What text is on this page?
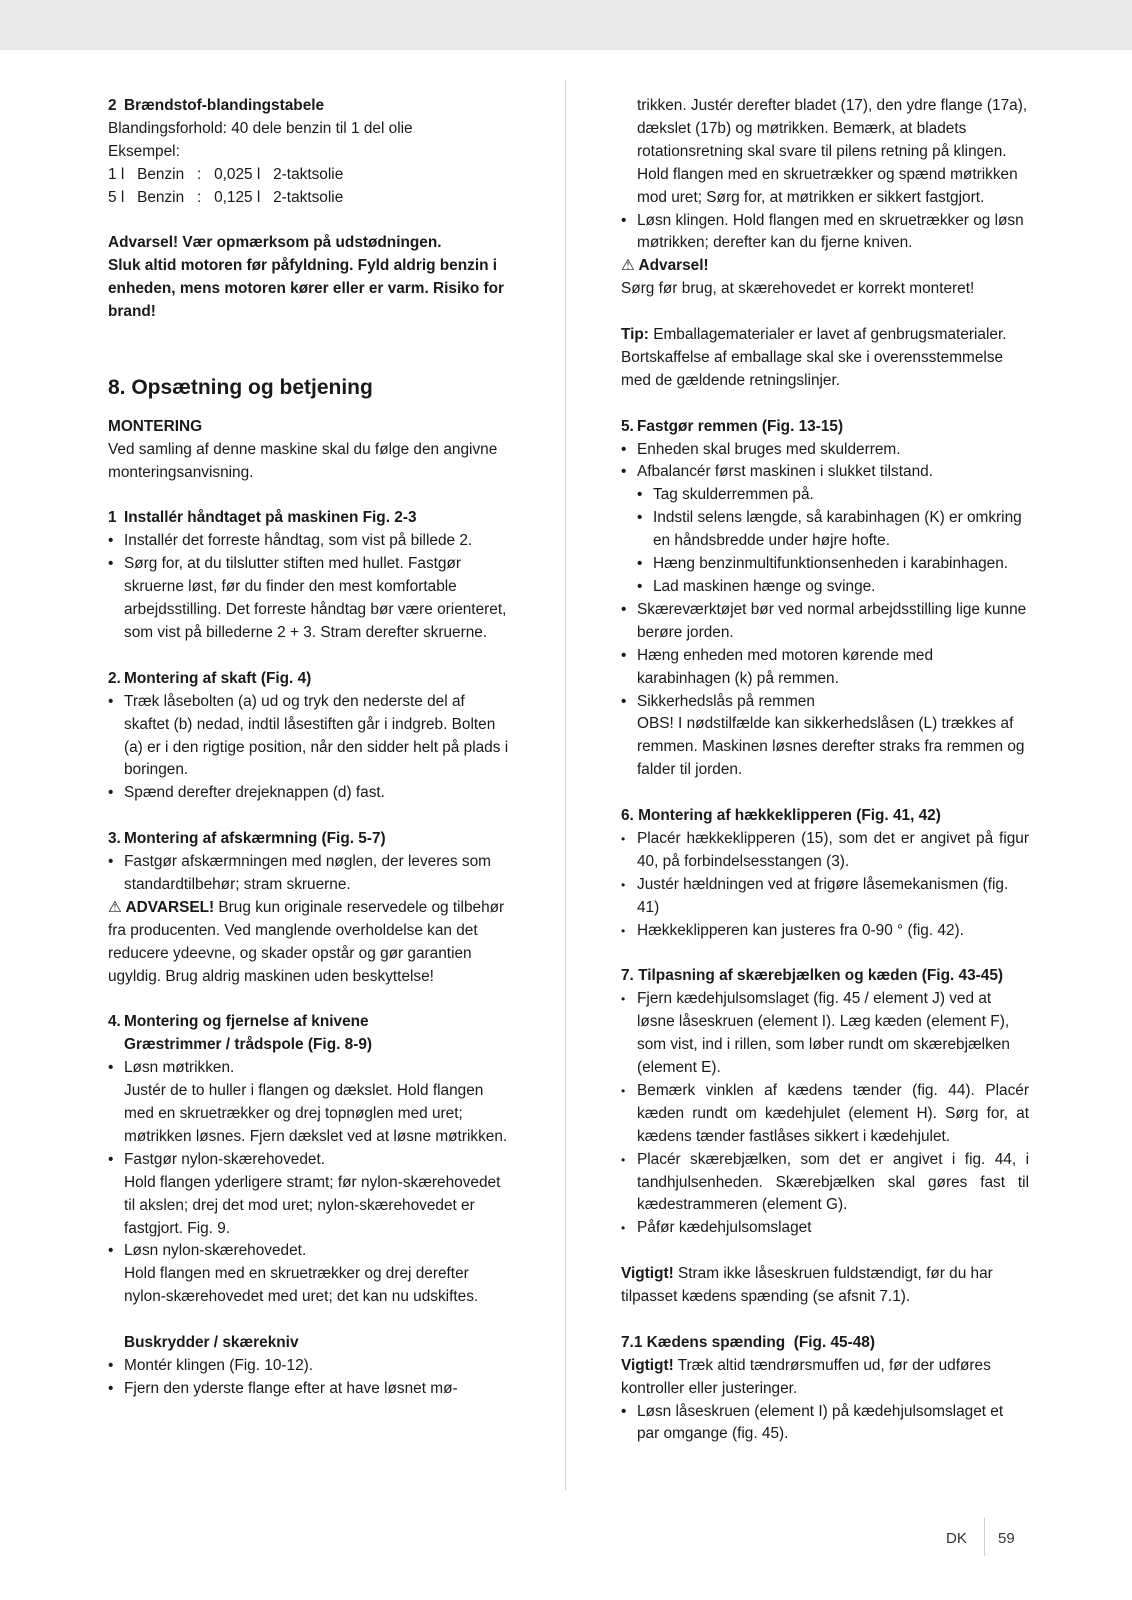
2 Brændstof-blandingstabele

Blandingsforhold: 40 dele benzin til 1 del olie

Eksempel:

1 l   Benzin   :   0,025 l   2-taktsolie

5 l   Benzin   :   0,125 l   2-taktsolie

Advarsel! Vær opmærksom på udstødningen.

Sluk altid motoren før påfyldning. Fyld aldrig benzin i enheden, mens motoren kører eller er varm. Risiko for brand!

8. Opsætning og betjening

MONTERING

Ved samling af denne maskine skal du følge den angivne monteringsanvisning.

1 Installér håndtaget på maskinen Fig. 2-3
• Installér det forreste håndtag, som vist på billede 2.
• Sørg for, at du tilslutter stiften med hullet. Fastgør skruerne løst, før du finder den mest komfortable arbejdsstilling. Det forreste håndtag bør være orienteret, som vist på billederne 2 + 3. Stram derefter skruerne.
2. Montering af skaft (Fig. 4)
• Træk låsebolten (a) ud og tryk den nederste del af skaftet (b) nedad, indtil låsestiften går i indgreb. Bolten (a) er i den rigtige position, når den sidder helt på plads i boringen.
• Spænd derefter drejeknappen (d) fast.
3. Montering af afskærmning (Fig. 5-7)
• Fastgør afskærmningen med nøglen, der leveres som standardtilbehør; stram skruerne.

⚠ ADVARSEL! Brug kun originale reservedele og tilbehør fra producenten. Ved manglende overholdelse kan det reducere ydeevne, og skader opstår og gør garantien ugyldig. Brug aldrig maskinen uden beskyttelse!

4. Montering og fjernelse af knivene

Græstrimmer / trådspole (Fig. 8-9)

• Løsn møtrikken.
Justér de to huller i flangen og dækslet. Hold flangen med en skruetrækker og drej topnøglen med uret; møtrikken løsnes. Fjern dækslet ved at løsne møtrikken.
• Fastgør nylon-skærehovedet.
Hold flangen yderligere stramt; før nylon-skærehovedet til akslen; drej det mod uret; nylon-skærehovedet er fastgjort. Fig. 9.
• Løsn nylon-skærehovedet.
Hold flangen med en skruetrækker og drej derefter nylon-skærehovedet med uret; det kan nu udskiftes.

Buskrydder / skærekniv

• Montér klingen (Fig. 10-12).
• Fjern den yderste flange efter at have løsnet mø-

trikken. Justér derefter bladet (17), den ydre flange (17a), dækslet (17b) og møtrikken. Bemærk, at bladets rotationsretning skal svare til pilens retning på klingen. Hold flangen med en skruetrækker og spænd møtrikken mod uret; Sørg for, at møtrikken er sikkert fastgjort.

• Løsn klingen. Hold flangen med en skruetrækker og løsn møtrikken; derefter kan du fjerne kniven.

⚠ Advarsel!

Sørg før brug, at skærehovedet er korrekt monteret!

Tip: Emballagematerialer er lavet af genbrugsmaterialer. Bortskaffelse af emballage skal ske i overensstemmelse med de gældende retningslinjer.

5. Fastgør remmen (Fig. 13-15)
• Enheden skal bruges med skulderrem.
• Afbalancér først maskinen i slukket tilstand.
• Tag skulderremmen på.
• Indstil selens længde, så karabinhagen (K) er omkring en håndsbredde under højre hofte.
• Hæng benzinmultifunktionsenheden i karabinhagen.
• Lad maskinen hænge og svinge.
• Skæreværktøjet bør ved normal arbejdsstilling lige kunne berøre jorden.
• Hæng enheden med motoren kørende med karabinhagen (k) på remmen.
• Sikkerhedslås på remmen
OBS! I nødstilfælde kan sikkerhedslåsen (L) trækkes af remmen. Maskinen løsnes derefter straks fra remmen og falder til jorden.

6. Montering af hækkeklipperen (Fig. 41, 42)

• Placér hækkeklipperen (15), som det er angivet på figur 40, på forbindelsesstangen (3).
• Justér hældningen ved at frigøre låsemekanismen (fig. 41)
• Hækkeklipperen kan justeres fra 0-90 ° (fig. 42).

7. Tilpasning af skærebjælken og kæden (Fig. 43-45)

• Fjern kædehjulsomslaget (fig. 45 / element J) ved at løsne låseskruen (element I). Læg kæden (element F), som vist, ind i rillen, som løber rundt om skærebjælken (element E).
• Bemærk vinklen af kædens tænder (fig. 44). Placér kæden rundt om kædehjulet (element H). Sørg for, at kædens tænder fastlåses sikkert i kædehjulet.
• Placér skærebjælken, som det er angivet i fig. 44, i tandhjulsenheden. Skærebjælken skal gøres fast til kædestrammeren (element G).
• Påfør kædehjulsomslaget

Vigtigt! Stram ikke låseskruen fuldstændigt, før du har tilpasset kædens spænding (se afsnit 7.1).

7.1 Kædens spænding  (Fig. 45-48)

Vigtigt! Træk altid tændrørsmuffen ud, før der udføres kontroller eller justeringer.

• Løsn låseskruen (element I) på kædehjulsomslaget et par omgange (fig. 45).
DK 59
